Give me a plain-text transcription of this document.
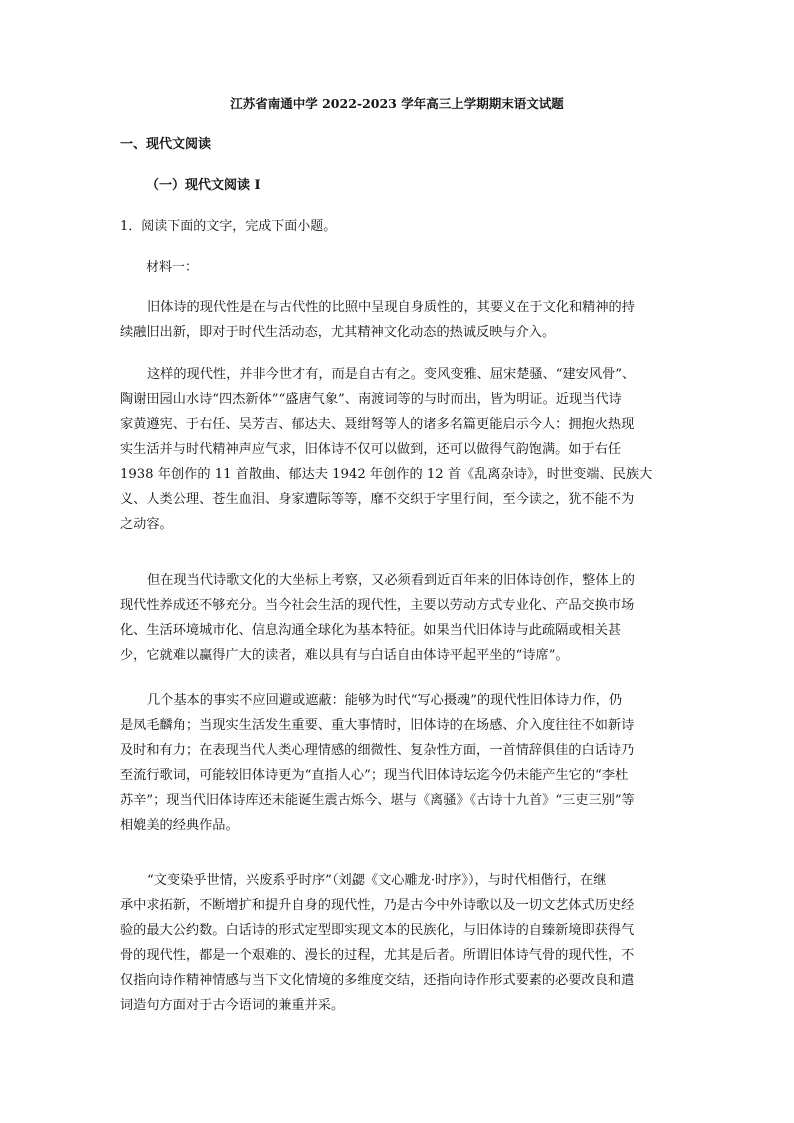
江苏省南通中学 2022-2023 学年高三上学期期末语文试题
一、现代文阅读
（一）现代文阅读 I
1．阅读下面的文字，完成下面小题。
材料一：
旧体诗的现代性是在与古代性的比照中呈现自身质性的，其要义在于文化和精神的持
续融旧出新，即对于时代生活动态，尤其精神文化动态的热诚反映与介入。
这样的现代性，并非今世才有，而是自古有之。变风变雅、屈宋楚骚、“建安风骨”、
陶谢田园山水诗“四杰新体”“盛唐气象”、南渡词等的与时而出，皆为明证。近现当代诗
家黄遵宪、于右任、吴芳吉、郁达夫、聂绀弩等人的诸多名篇更能启示今人：拥抱火热现
实生活并与时代精神声应气求，旧体诗不仅可以做到，还可以做得气韵饱满。如于右任
1938 年创作的 11 首散曲、郁达夫 1942 年创作的 12 首《乱离杂诗》，时世变端、民族大
义、人类公理、苍生血泪、身家遭际等等，靡不交织于字里行间，至今读之，犹不能不为
之动容。
但在现当代诗歌文化的大坐标上考察，又必须看到近百年来的旧体诗创作，整体上的
现代性养成还不够充分。当今社会生活的现代性，主要以劳动方式专业化、产品交换市场
化、生活环境城市化、信息沟通全球化为基本特征。如果当代旧体诗与此疏隔或相关甚
少，它就难以赢得广大的读者，难以具有与白话自由体诗平起平坐的“诗席”。
几个基本的事实不应回避或遮蔽：能够为时代“写心摄魂”的现代性旧体诗力作，仍
是凤毛麟角；当现实生活发生重要、重大事情时，旧体诗的在场感、介入度往往不如新诗
及时和有力；在表现当代人类心理情感的细微性、复杂性方面，一首情辞俱佳的白话诗乃
至流行歌词，可能较旧体诗更为“直指人心”；现当代旧体诗坛迄今仍未能产生它的“李杜
苏辛”；现当代旧体诗库还未能诞生震古烁今、堪与《离骚》《古诗十九首》“三吏三别”等
相媲美的经典作品。
“文变染乎世情，兴废系乎时序”（刘勰《文心雕龙·时序》），与时代相偕行，在继
承中求拓新，不断增扩和提升自身的现代性，乃是古今中外诗歌以及一切文艺体式历史经
验的最大公约数。白话诗的形式定型即实现文本的民族化，与旧体诗的自臻新境即获得气
骨的现代性，都是一个艰难的、漫长的过程，尤其是后者。所谓旧体诗气骨的现代性，不
仅指向诗作精神情感与当下文化情境的多维度交结，还指向诗作形式要素的必要改良和遣
词造句方面对于古今语词的兼重并采。
